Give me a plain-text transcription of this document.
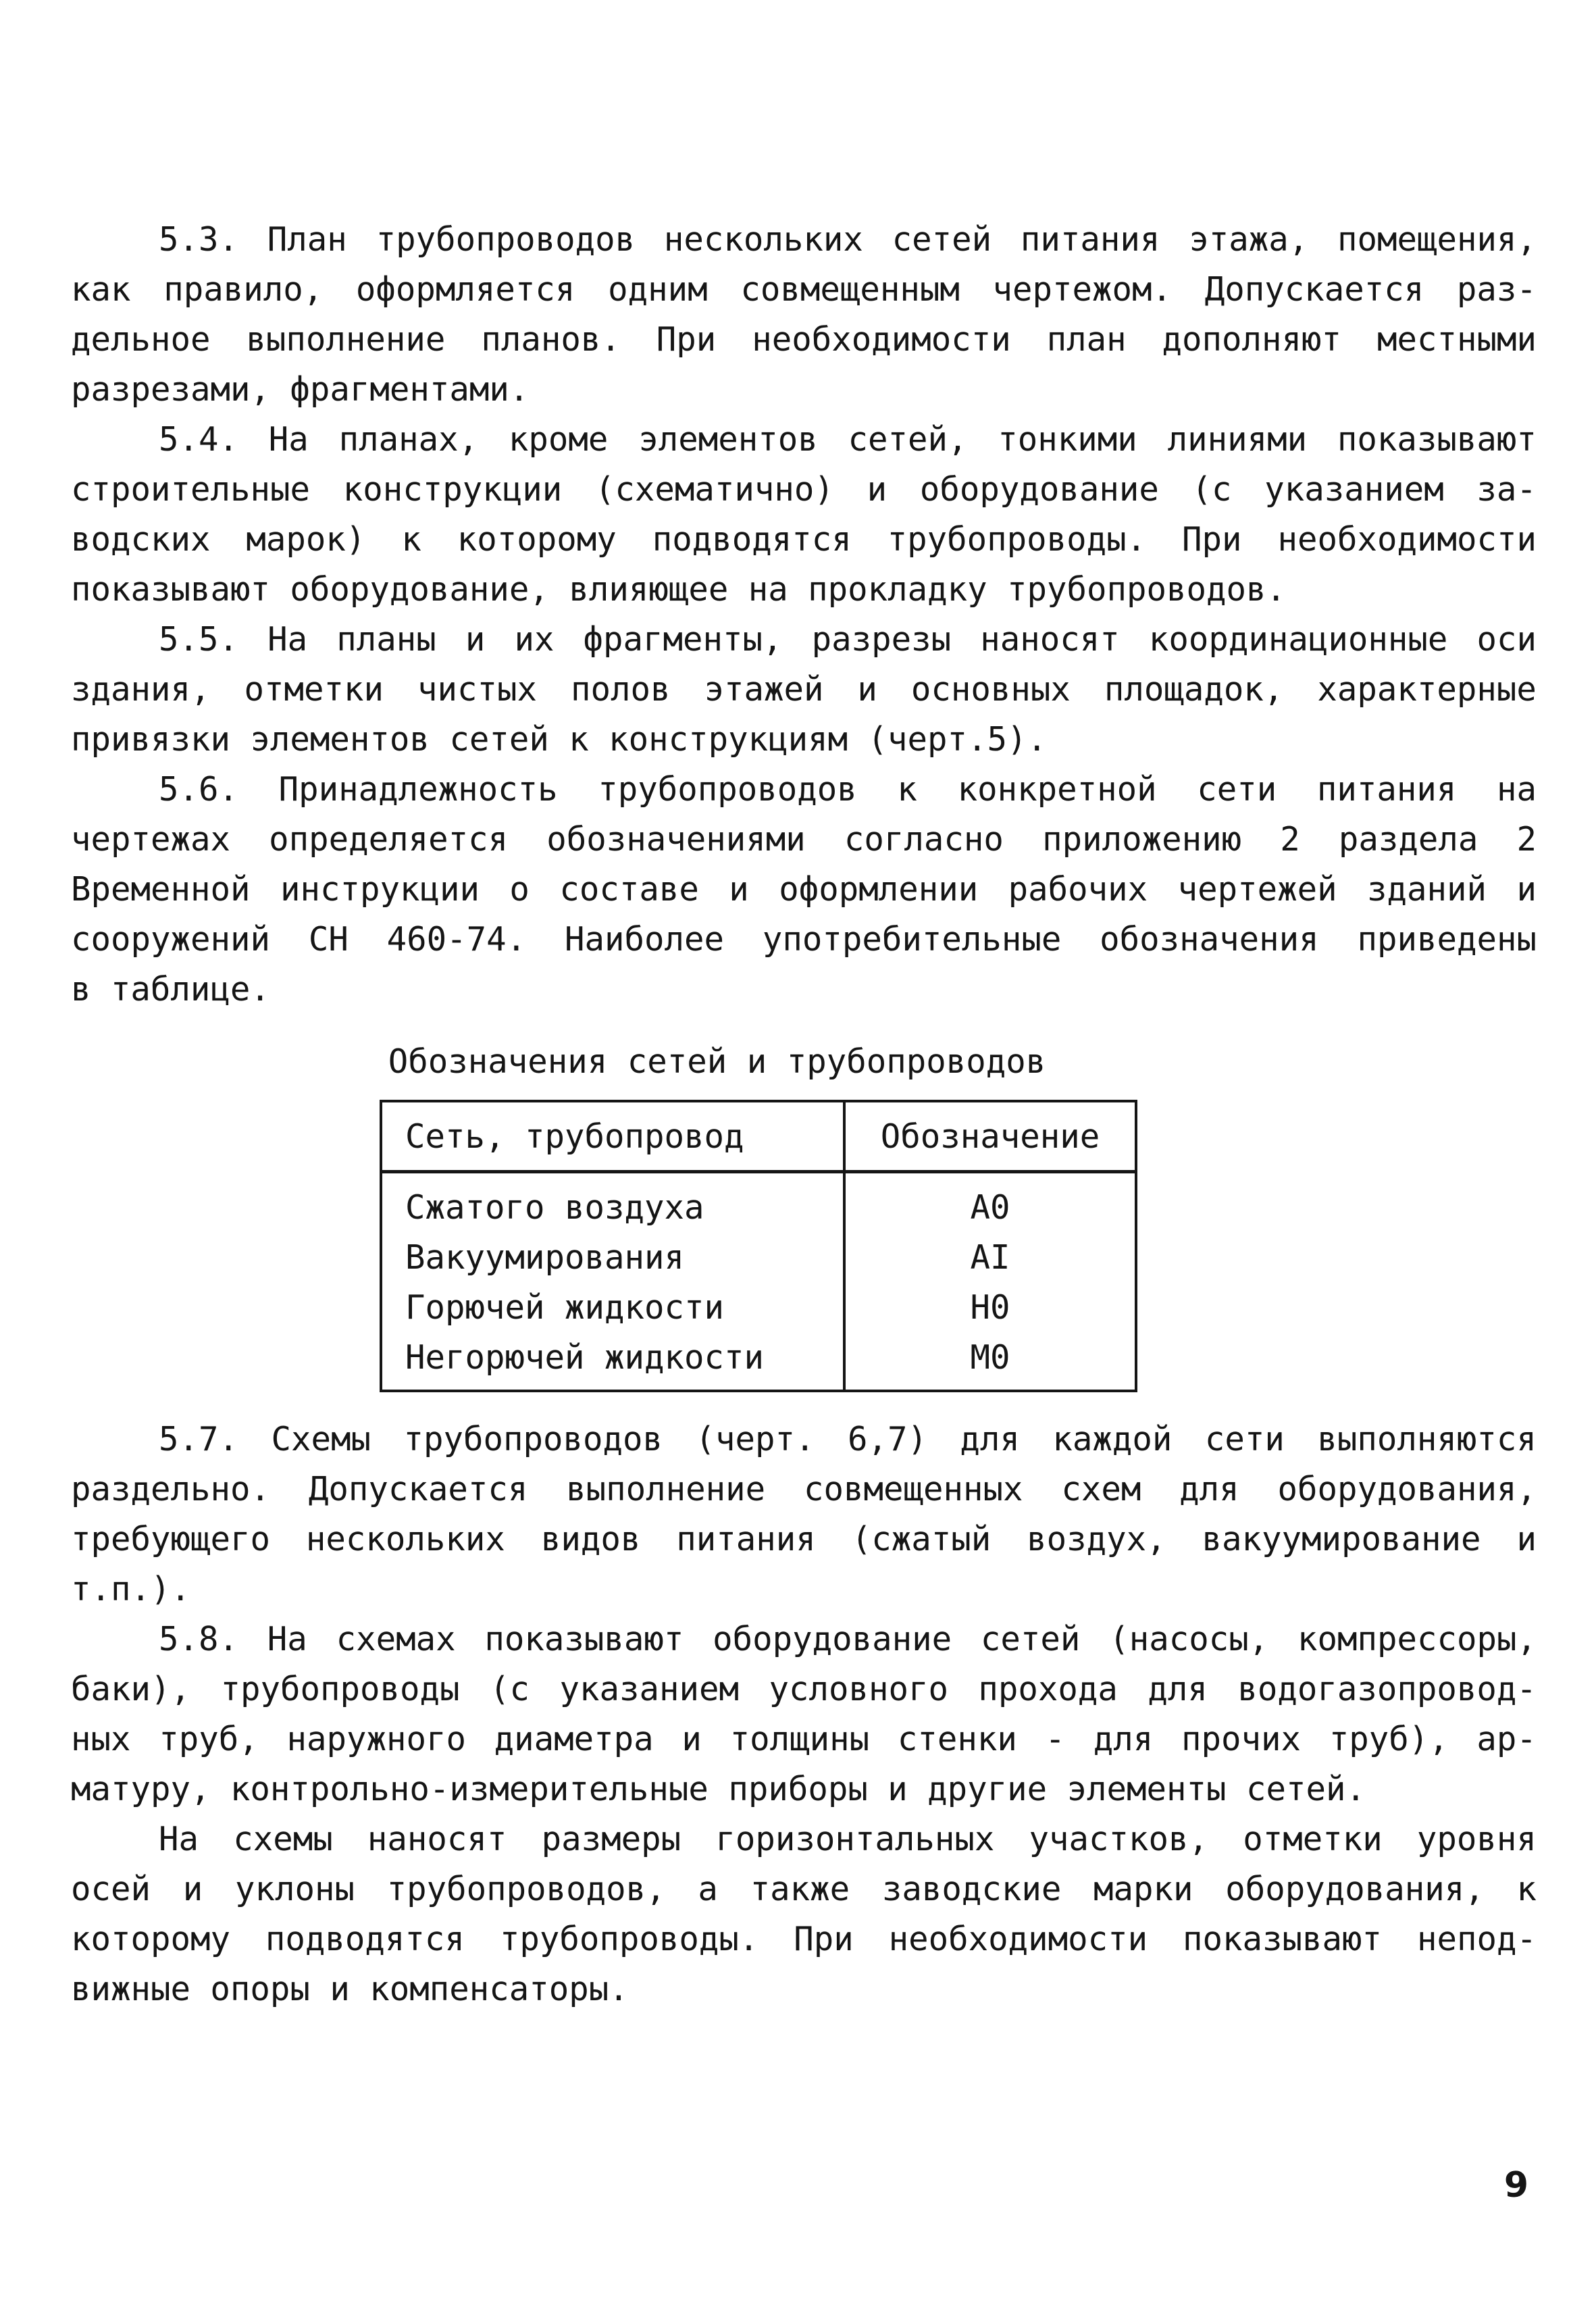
5.3. План трубопроводов нескольких сетей питания этажа, помещения,
как правило, оформляется одним совмещенным чертежом. Допускается раз-
дельное выполнение планов. При необходимости план дополняют местными
разрезами, фрагментами.
5.4. На планах, кроме элементов сетей, тонкими линиями показывают
строительные конструкции (схематично) и оборудование (с указанием за-
водских марок) к которому подводятся трубопроводы. При необходимости
показывают оборудование, влияющее на прокладку трубопроводов.
5.5. На планы и их фрагменты, разрезы наносят координационные оси
здания, отметки чистых полов этажей и основных площадок, характерные
привязки элементов сетей к конструкциям (черт.5).
5.6. Принадлежность трубопроводов к конкретной сети питания на
чертежах определяется обозначениями согласно приложению 2 раздела 2
Временной инструкции о составе и оформлении рабочих чертежей зданий и
сооружений СН 460-74. Наиболее употребительные обозначения приведены
в таблице.
Обозначения сетей и трубопроводов
Сеть, трубопровод	Обозначение
Сжатого воздуха	А0
Вакуумирования	АI
Горючей жидкости	Н0
Негорючей жидкости	М0
5.7. Схемы трубопроводов (черт. 6,7) для каждой сети выполняются
раздельно. Допускается выполнение совмещенных схем для оборудования,
требующего нескольких видов питания (сжатый воздух, вакуумирование и
т.п.).
5.8. На схемах показывают оборудование сетей (насосы, компрессоры,
баки), трубопроводы (с указанием условного прохода для водогазопровод-
ных труб, наружного диаметра и толщины стенки - для прочих труб), ар-
матуру, контрольно-измерительные приборы и другие элементы сетей.
На схемы наносят размеры горизонтальных участков, отметки уровня
осей и уклоны трубопроводов, а также заводские марки оборудования, к
которому подводятся трубопроводы. При необходимости показывают непод-
вижные опоры и компенсаторы.
9
